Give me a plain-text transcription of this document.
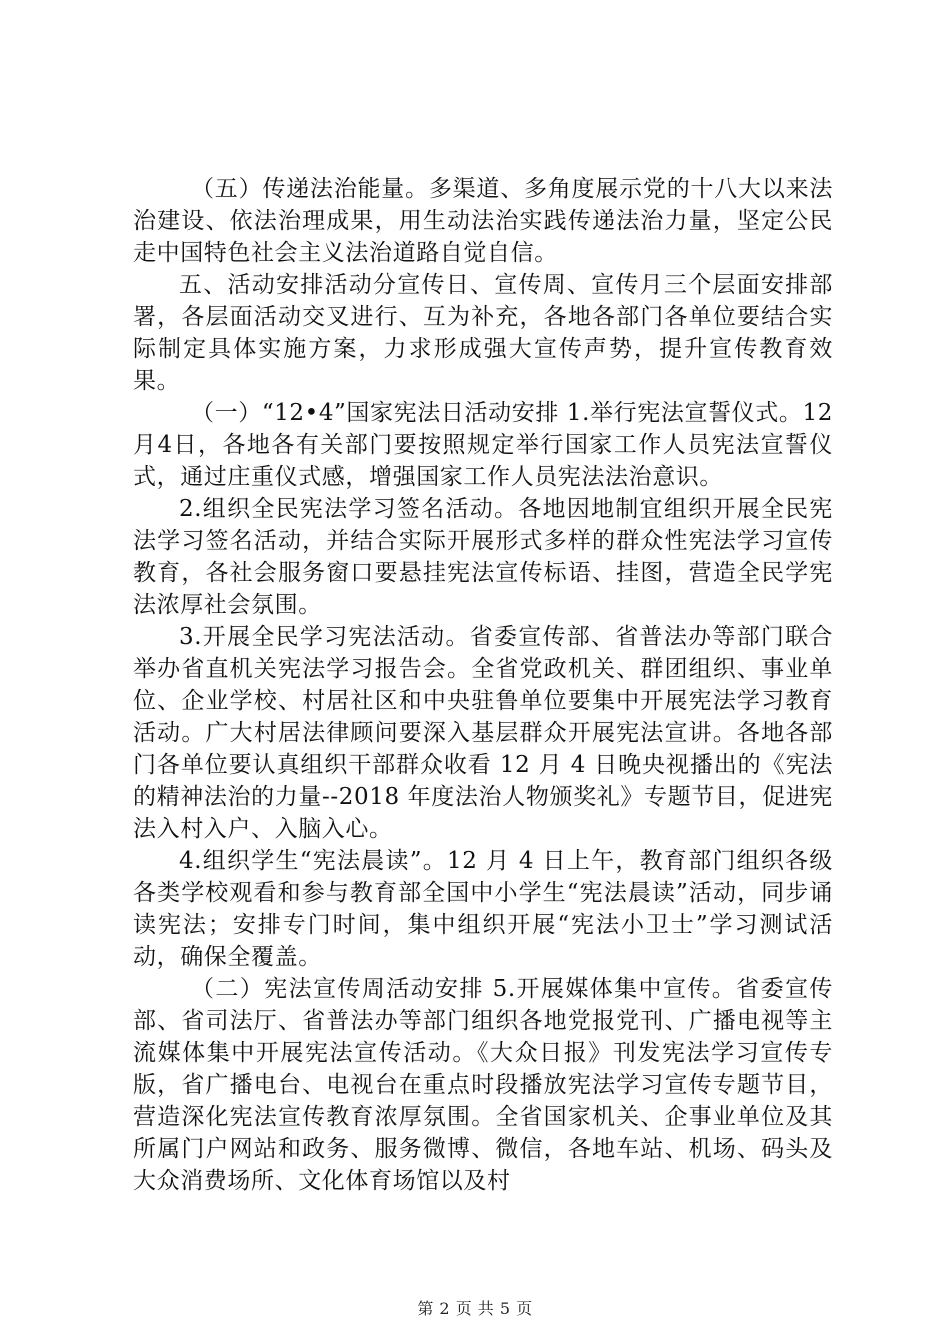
（五）传递法治能量。多渠道、多角度展示党的十八大以来法治建设、依法治理成果，用生动法治实践传递法治力量，坚定公民走中国特色社会主义法治道路自觉自信。

五、活动安排活动分宣传日、宣传周、宣传月三个层面安排部署，各层面活动交叉进行、互为补充，各地各部门各单位要结合实际制定具体实施方案，力求形成强大宣传声势，提升宣传教育效果。

（一）“12•4”国家宪法日活动安排 1.举行宪法宣誓仪式。12月4日，各地各有关部门要按照规定举行国家工作人员宪法宣誓仪式，通过庄重仪式感，增强国家工作人员宪法法治意识。

2.组织全民宪法学习签名活动。各地因地制宜组织开展全民宪法学习签名活动，并结合实际开展形式多样的群众性宪法学习宣传教育，各社会服务窗口要悬挂宪法宣传标语、挂图，营造全民学宪法浓厚社会氛围。

3.开展全民学习宪法活动。省委宣传部、省普法办等部门联合举办省直机关宪法学习报告会。全省党政机关、群团组织、事业单位、企业学校、村居社区和中央驻鲁单位要集中开展宪法学习教育活动。广大村居法律顾问要深入基层群众开展宪法宣讲。各地各部门各单位要认真组织干部群众收看 12 月 4 日晚央视播出的《宪法的精神法治的力量--2018 年度法治人物颁奖礼》专题节目，促进宪法入村入户、入脑入心。

4.组织学生“宪法晨读”。12 月 4 日上午，教育部门组织各级各类学校观看和参与教育部全国中小学生“宪法晨读”活动，同步诵读宪法；安排专门时间，集中组织开展“宪法小卫士”学习测试活动，确保全覆盖。

（二）宪法宣传周活动安排 5.开展媒体集中宣传。省委宣传部、省司法厅、省普法办等部门组织各地党报党刊、广播电视等主流媒体集中开展宪法宣传活动。《大众日报》刊发宪法学习宣传专版，省广播电台、电视台在重点时段播放宪法学习宣传专题节目，营造深化宪法宣传教育浓厚氛围。全省国家机关、企事业单位及其所属门户网站和政务、服务微博、微信，各地车站、机场、码头及大众消费场所、文化体育场馆以及村

第 2 页 共 5 页
